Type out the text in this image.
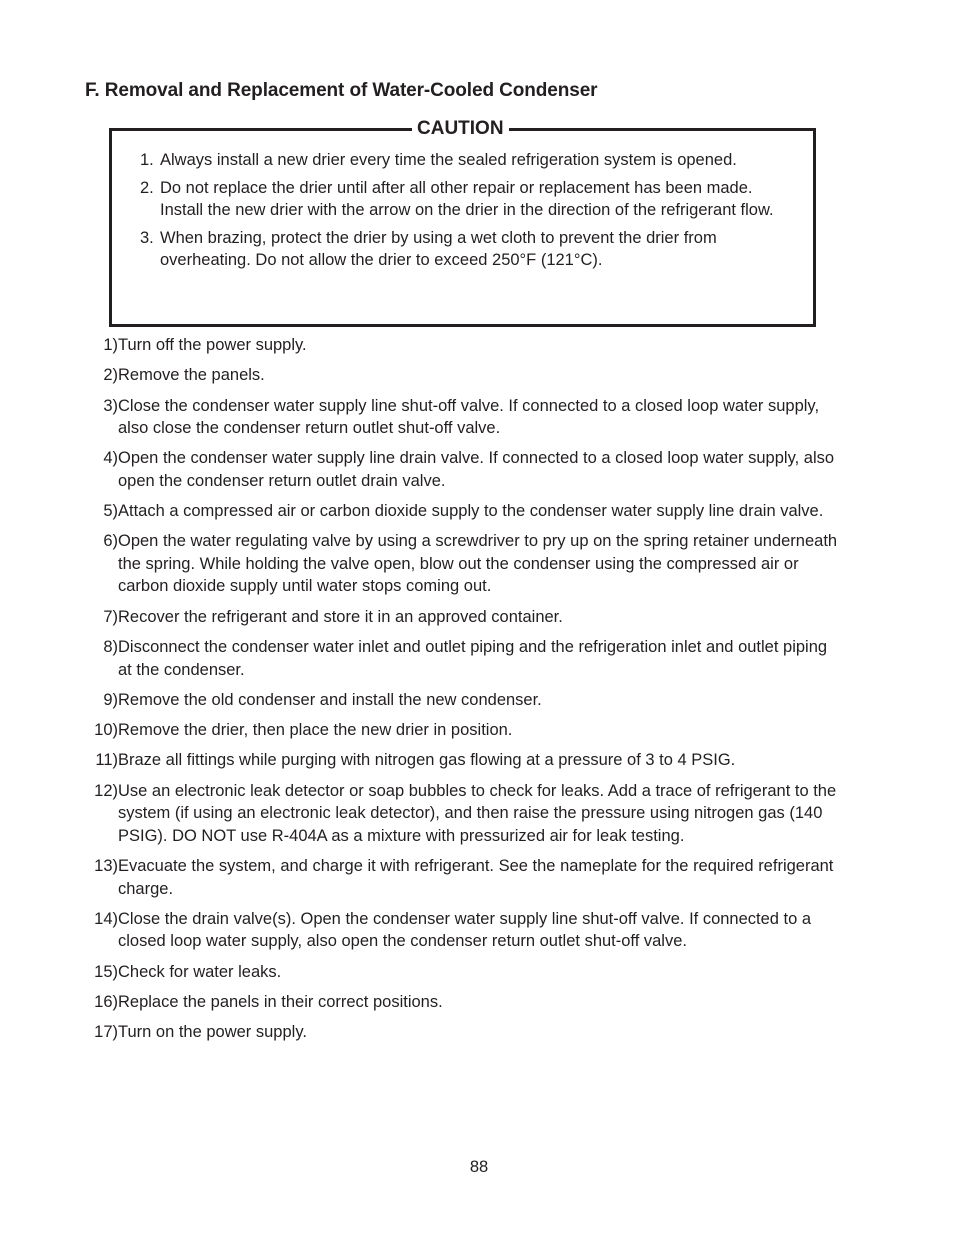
F. Removal and Replacement of Water-Cooled Condenser
CAUTION
1. Always install a new drier every time the sealed refrigeration system is opened.
2. Do not replace the drier until after all other repair or replacement has been made. Install the new drier with the arrow on the drier in the direction of the refrigerant flow.
3. When brazing, protect the drier by using a wet cloth to prevent the drier from overheating. Do not allow the drier to exceed 250°F (121°C).
1) Turn off the power supply.
2) Remove the panels.
3) Close the condenser water supply line shut-off valve. If connected to a closed loop water supply, also close the condenser return outlet shut-off valve.
4) Open the condenser water supply line drain valve. If connected to a closed loop water supply, also open the condenser return outlet drain valve.
5) Attach a compressed air or carbon dioxide supply to the condenser water supply line drain valve.
6) Open the water regulating valve by using a screwdriver to pry up on the spring retainer underneath the spring. While holding the valve open, blow out the condenser using the compressed air or carbon dioxide supply until water stops coming out.
7) Recover the refrigerant and store it in an approved container.
8) Disconnect the condenser water inlet and outlet piping and the refrigeration inlet and outlet piping at the condenser.
9) Remove the old condenser and install the new condenser.
10) Remove the drier, then place the new drier in position.
11) Braze all fittings while purging with nitrogen gas flowing at a pressure of 3 to 4 PSIG.
12) Use an electronic leak detector or soap bubbles to check for leaks. Add a trace of refrigerant to the system (if using an electronic leak detector), and then raise the pressure using nitrogen gas (140 PSIG). DO NOT use R-404A as a mixture with pressurized air for leak testing.
13) Evacuate the system, and charge it with refrigerant. See the nameplate for the required refrigerant charge.
14) Close the drain valve(s). Open the condenser water supply line shut-off valve. If connected to a closed loop water supply, also open the condenser return outlet shut-off valve.
15) Check for water leaks.
16) Replace the panels in their correct positions.
17) Turn on the power supply.
88
